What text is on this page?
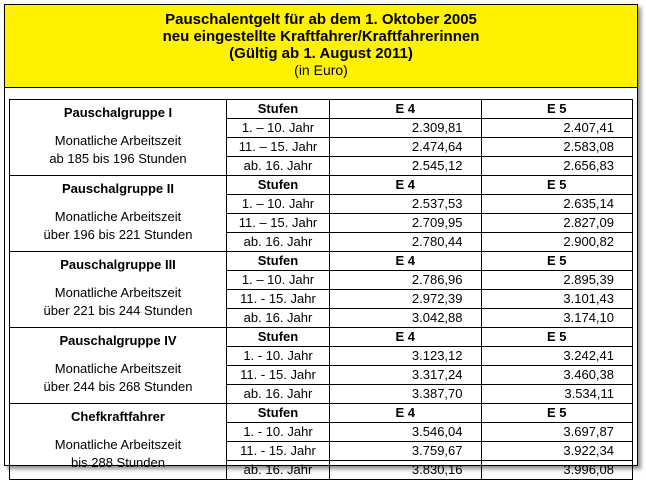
Pauschalentgelt für ab dem 1. Oktober 2005
neu eingestellte Kraftfahrer/Kraftfahrerinnen
(Gültig ab 1. August 2011)
(in Euro)
Pauschalgruppe I
Monatliche Arbeitszeit
ab 185 bis 196 Stunden	Stufen	E 4	E 5
	1. – 10. Jahr	2.309,81	2.407,41
	11. – 15. Jahr	2.474,64	2.583,08
	ab. 16. Jahr	2.545,12	2.656,83

Pauschalgruppe II
Monatliche Arbeitszeit
über 196 bis 221 Stunden	Stufen	E 4	E 5
	1. – 10. Jahr	2.537,53	2.635,14
	11. – 15. Jahr	2.709,95	2.827,09
	ab. 16. Jahr	2.780,44	2.900,82

Pauschalgruppe III
Monatliche Arbeitszeit
über 221 bis 244 Stunden	Stufen	E 4	E 5
	1. – 10. Jahr	2.786,96	2.895,39
	11. - 15. Jahr	2.972,39	3.101,43
	ab. 16. Jahr	3.042,88	3.174,10

Pauschalgruppe IV
Monatliche Arbeitszeit
über 244 bis 268 Stunden	Stufen	E 4	E 5
	1. - 10. Jahr	3.123,12	3.242,41
	11. - 15. Jahr	3.317,24	3.460,38
	ab. 16. Jahr	3.387,70	3.534,11

Chefkraftfahrer
Monatliche Arbeitszeit
bis 288 Stunden	Stufen	E 4	E 5
	1. - 10. Jahr	3.546,04	3.697,87
	11. - 15. Jahr	3.759,67	3.922,34
	ab. 16. Jahr	3.830,16	3.996,08
